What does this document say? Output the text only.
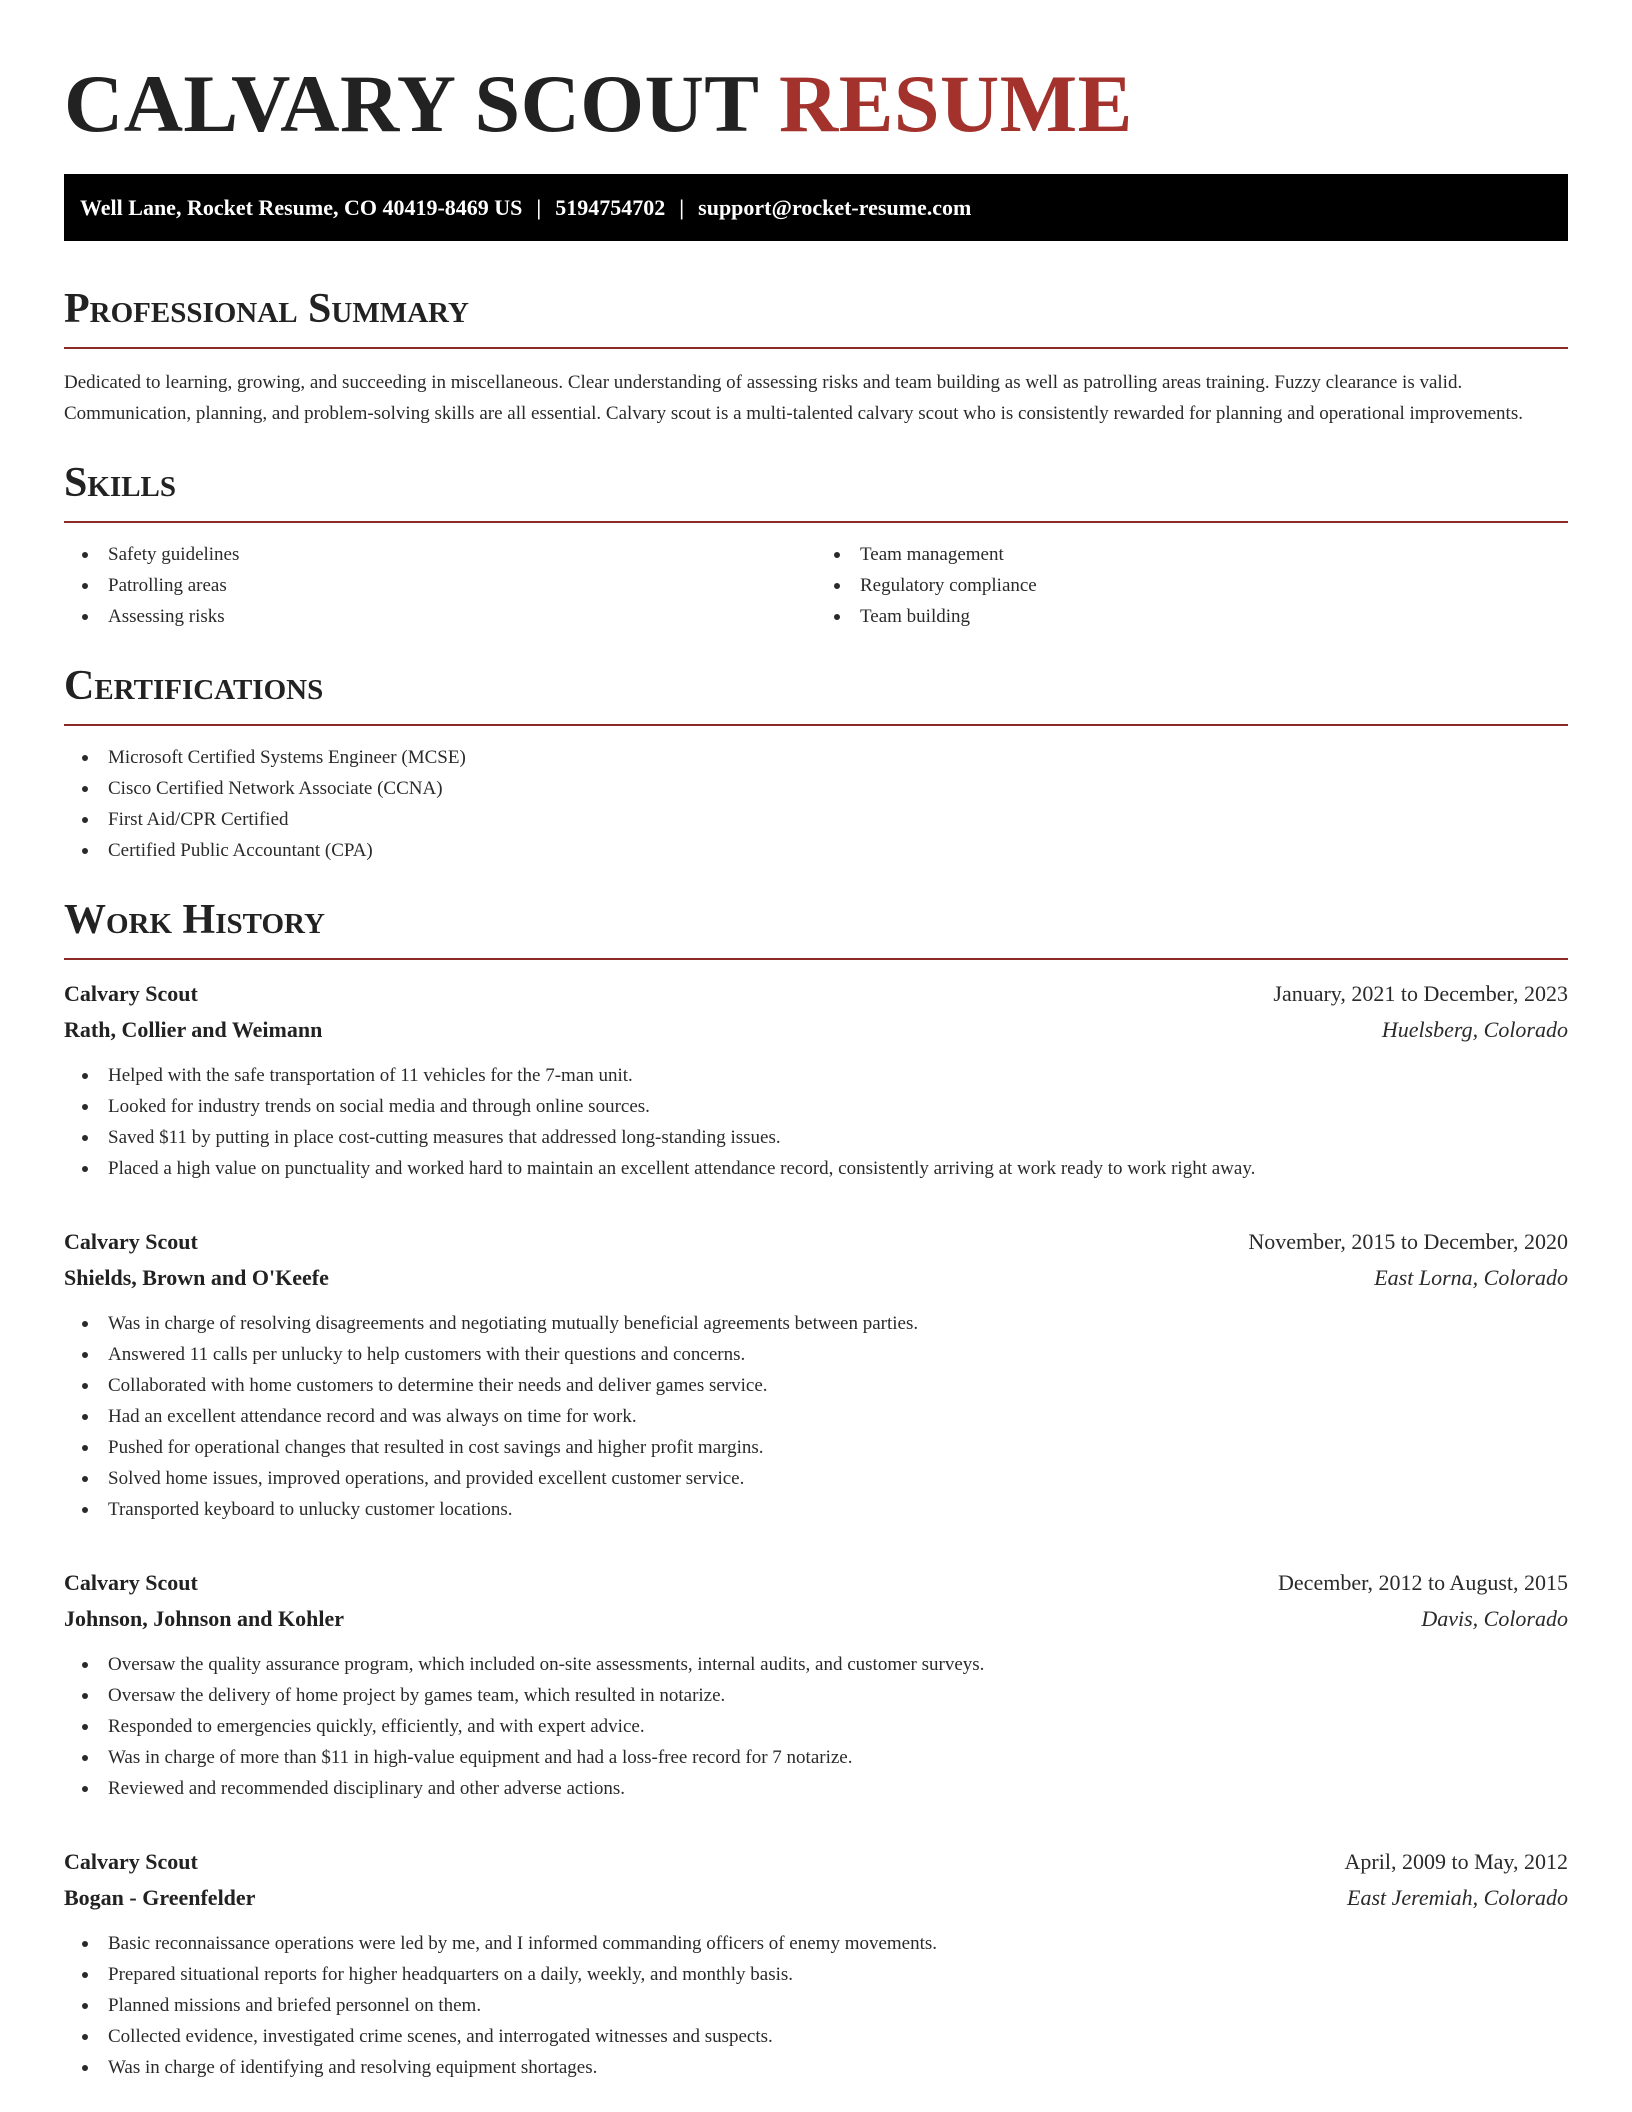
CALVARY SCOUT RESUME
Well Lane, Rocket Resume, CO 40419-8469 US | 5194754702 | support@rocket-resume.com
Professional Summary

Dedicated to learning, growing, and succeeding in miscellaneous. Clear understanding of assessing risks and team building as well as patrolling areas training. Fuzzy clearance is valid. Communication, planning, and problem-solving skills are all essential. Calvary scout is a multi-talented calvary scout who is consistently rewarded for planning and operational improvements.

Skills
Safety guidelines
Patrolling areas
Assessing risks
Team management
Regulatory compliance
Team building
Certifications
Microsoft Certified Systems Engineer (MCSE)
Cisco Certified Network Associate (CCNA)
First Aid/CPR Certified
Certified Public Accountant (CPA)
Work History
Calvary Scout	January, 2021 to December, 2023
Rath, Collier and Weimann	Huelsberg, Colorado
Helped with the safe transportation of 11 vehicles for the 7-man unit.
Looked for industry trends on social media and through online sources.
Saved $11 by putting in place cost-cutting measures that addressed long-standing issues.
Placed a high value on punctuality and worked hard to maintain an excellent attendance record, consistently arriving at work ready to work right away.
Calvary Scout	November, 2015 to December, 2020
Shields, Brown and O'Keefe	East Lorna, Colorado
Was in charge of resolving disagreements and negotiating mutually beneficial agreements between parties.
Answered 11 calls per unlucky to help customers with their questions and concerns.
Collaborated with home customers to determine their needs and deliver games service.
Had an excellent attendance record and was always on time for work.
Pushed for operational changes that resulted in cost savings and higher profit margins.
Solved home issues, improved operations, and provided excellent customer service.
Transported keyboard to unlucky customer locations.
Calvary Scout	December, 2012 to August, 2015
Johnson, Johnson and Kohler	Davis, Colorado
Oversaw the quality assurance program, which included on-site assessments, internal audits, and customer surveys.
Oversaw the delivery of home project by games team, which resulted in notarize.
Responded to emergencies quickly, efficiently, and with expert advice.
Was in charge of more than $11 in high-value equipment and had a loss-free record for 7 notarize.
Reviewed and recommended disciplinary and other adverse actions.
Calvary Scout	April, 2009 to May, 2012
Bogan - Greenfelder	East Jeremiah, Colorado
Basic reconnaissance operations were led by me, and I informed commanding officers of enemy movements.
Prepared situational reports for higher headquarters on a daily, weekly, and monthly basis.
Planned missions and briefed personnel on them.
Collected evidence, investigated crime scenes, and interrogated witnesses and suspects.
Was in charge of identifying and resolving equipment shortages.
